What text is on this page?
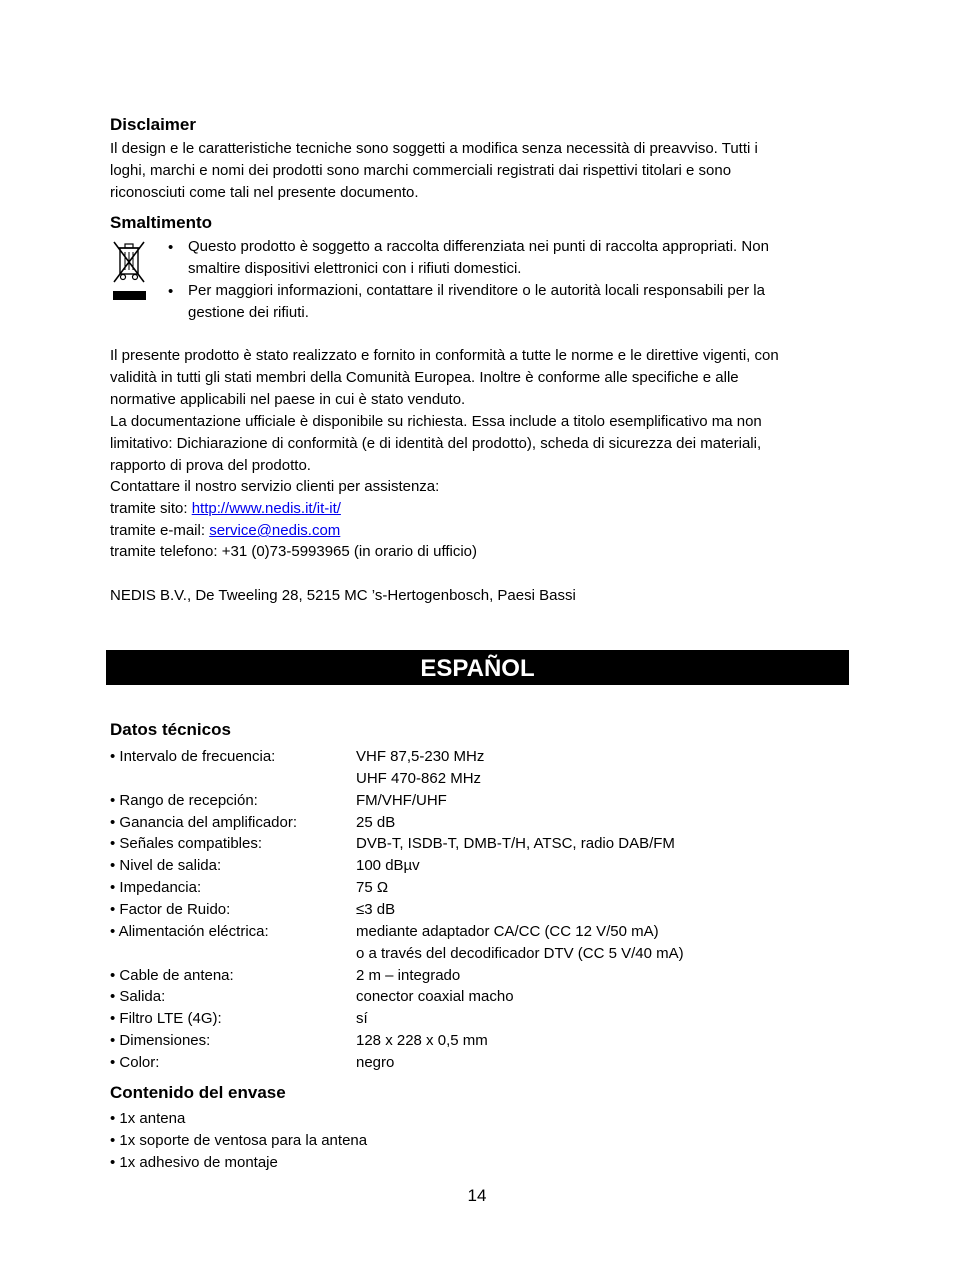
Disclaimer
Il design e le caratteristiche tecniche sono soggetti a modifica senza necessità di preavviso. Tutti i
loghi, marchi e nomi dei prodotti sono marchi commerciali registrati dai rispettivi titolari e sono
riconosciuti come tali nel presente documento.
Smaltimento
• Questo prodotto è soggetto a raccolta differenziata nei punti di raccolta appropriati. Non
smaltire dispositivi elettronici con i rifiuti domestici.
• Per maggiori informazioni, contattare il rivenditore o le autorità locali responsabili per la
gestione dei rifiuti.
Il presente prodotto è stato realizzato e fornito in conformità a tutte le norme e le direttive vigenti, con
validità in tutti gli stati membri della Comunità Europea. Inoltre è conforme alle specifiche e alle
normative applicabili nel paese in cui è stato venduto.
La documentazione ufficiale è disponibile su richiesta. Essa include a titolo esemplificativo ma non
limitativo: Dichiarazione di conformità (e di identità del prodotto), scheda di sicurezza dei materiali,
rapporto di prova del prodotto.
Contattare il nostro servizio clienti per assistenza:
tramite sito: http://www.nedis.it/it-it/
tramite e-mail: service@nedis.com
tramite telefono: +31 (0)73-5993965 (in orario di ufficio)
NEDIS B.V., De Tweeling 28, 5215 MC ’s-Hertogenbosch, Paesi Bassi
ESPAÑOL
Datos técnicos
• Intervalo de frecuencia:	VHF 87,5-230 MHz
UHF 470-862 MHz
• Rango de recepción:	FM/VHF/UHF
• Ganancia del amplificador:	25 dB
• Señales compatibles:	DVB-T, ISDB-T, DMB-T/H, ATSC, radio DAB/FM
• Nivel de salida:	100 dBµv
• Impedancia:	75 Ω
• Factor de Ruido:	≤3 dB
• Alimentación eléctrica:	mediante adaptador CA/CC (CC 12 V/50 mA)
o a través del decodificador DTV (CC 5 V/40 mA)
• Cable de antena:	2 m – integrado
• Salida:	conector coaxial macho
• Filtro LTE (4G):	sí
• Dimensiones:	128 x 228 x 0,5 mm
• Color:	negro
Contenido del envase
• 1x antena
• 1x soporte de ventosa para la antena
• 1x adhesivo de montaje
14
